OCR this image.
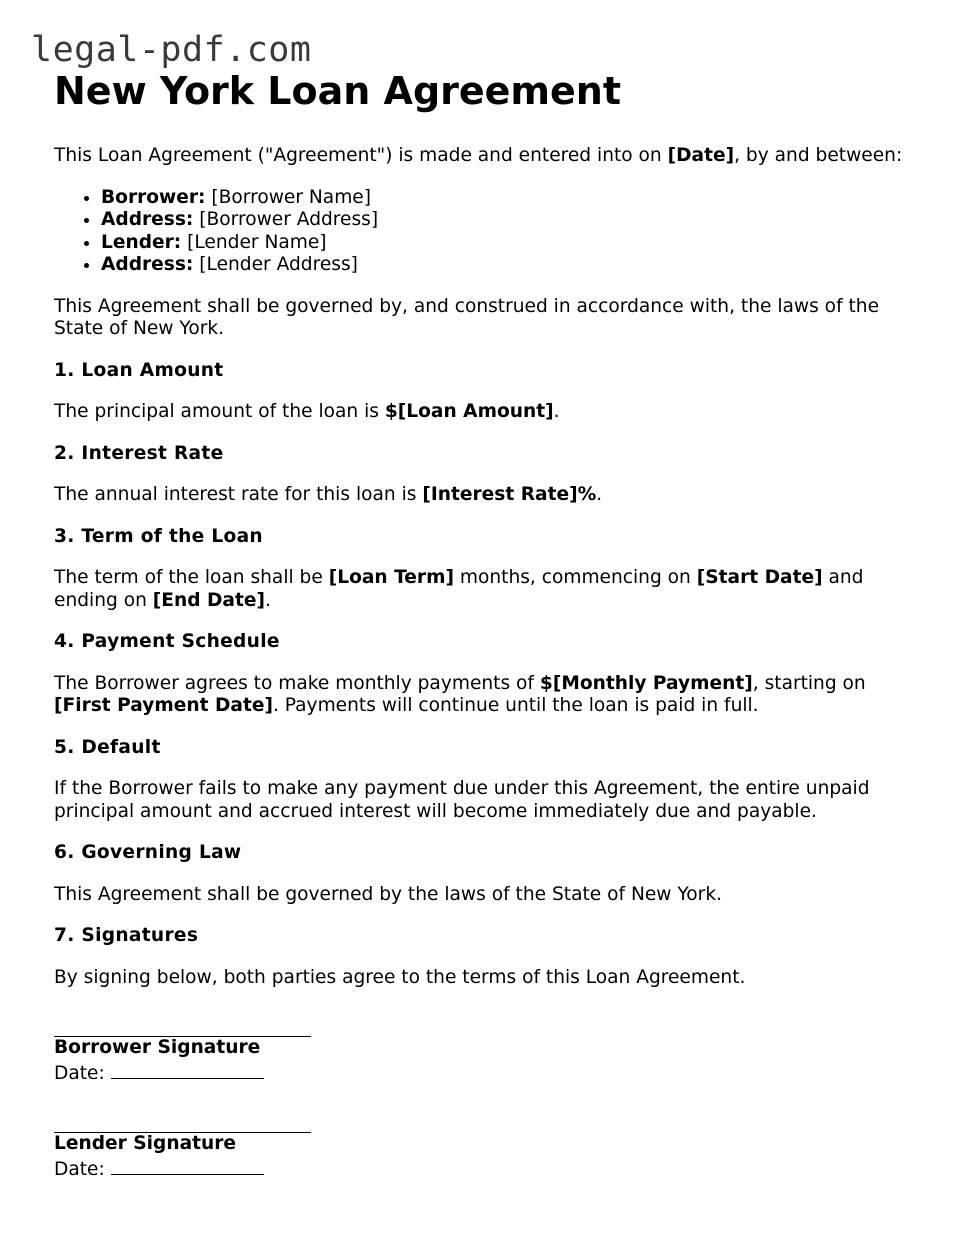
legal-pdf.com
New York Loan Agreement

This Loan Agreement ("Agreement") is made and entered into on [Date], by and between:

• Borrower: [Borrower Name]
• Address: [Borrower Address]
• Lender: [Lender Name]
• Address: [Lender Address]

This Agreement shall be governed by, and construed in accordance with, the laws of the State of New York.

1. Loan Amount

The principal amount of the loan is $[Loan Amount].

2. Interest Rate

The annual interest rate for this loan is [Interest Rate]%.

3. Term of the Loan

The term of the loan shall be [Loan Term] months, commencing on [Start Date] and ending on [End Date].

4. Payment Schedule

The Borrower agrees to make monthly payments of $[Monthly Payment], starting on [First Payment Date]. Payments will continue until the loan is paid in full.

5. Default

If the Borrower fails to make any payment due under this Agreement, the entire unpaid principal amount and accrued interest will become immediately due and payable.

6. Governing Law

This Agreement shall be governed by the laws of the State of New York.

7. Signatures

By signing below, both parties agree to the terms of this Loan Agreement.

Borrower Signature
Date:
Lender Signature
Date:
